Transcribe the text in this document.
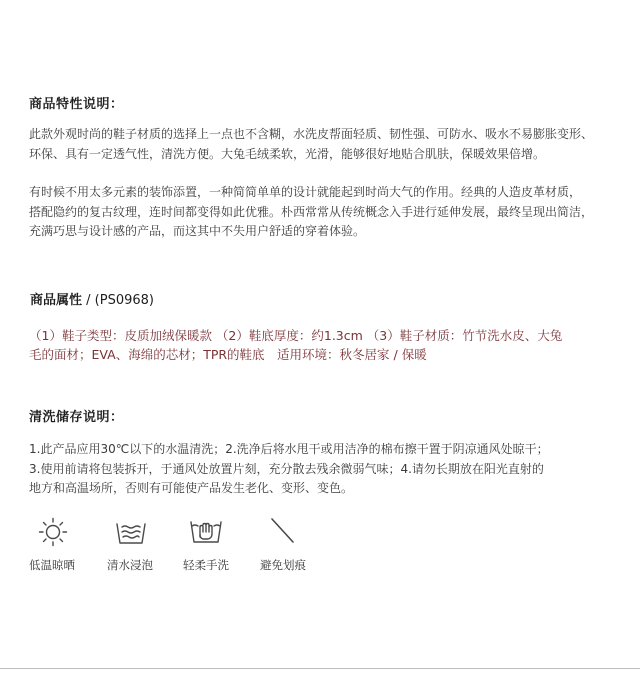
商品特性说明：

此款外观时尚的鞋子材质的选择上一点也不含糊，水洗皮帮面轻质、韧性强、可防水、吸水不易膨胀变形、
环保、具有一定透气性，清洗方便。大兔毛绒柔软，光滑，能够很好地贴合肌肤，保暖效果倍增。

有时候不用太多元素的装饰添置，一种简简单单的设计就能起到时尚大气的作用。经典的人造皮革材质，
搭配隐约的复古纹理，连时间都变得如此优雅。朴西常常从传统概念入手进行延伸发展，最终呈现出简洁，
充满巧思与设计感的产品，而这其中不失用户舒适的穿着体验。

商品属性 / (PS0968)

（1）鞋子类型：皮质加绒保暖款 （2）鞋底厚度：约1.3cm （3）鞋子材质：竹节洗水皮、大兔
毛的面材；EVA、海绵的芯材；TPR的鞋底　适用环境：秋冬居家 / 保暖

清洗储存说明：

1.此产品应用30℃以下的水温清洗；2.洗净后将水甩干或用洁净的棉布擦干置于阴凉通风处晾干；
3.使用前请将包装拆开，于通风处放置片刻，充分散去残余微弱气味；4.请勿长期放在阳光直射的
地方和高温场所，否则有可能使产品发生老化、变形、变色。

低温晾晒	清水浸泡	轻柔手洗	避免划痕
